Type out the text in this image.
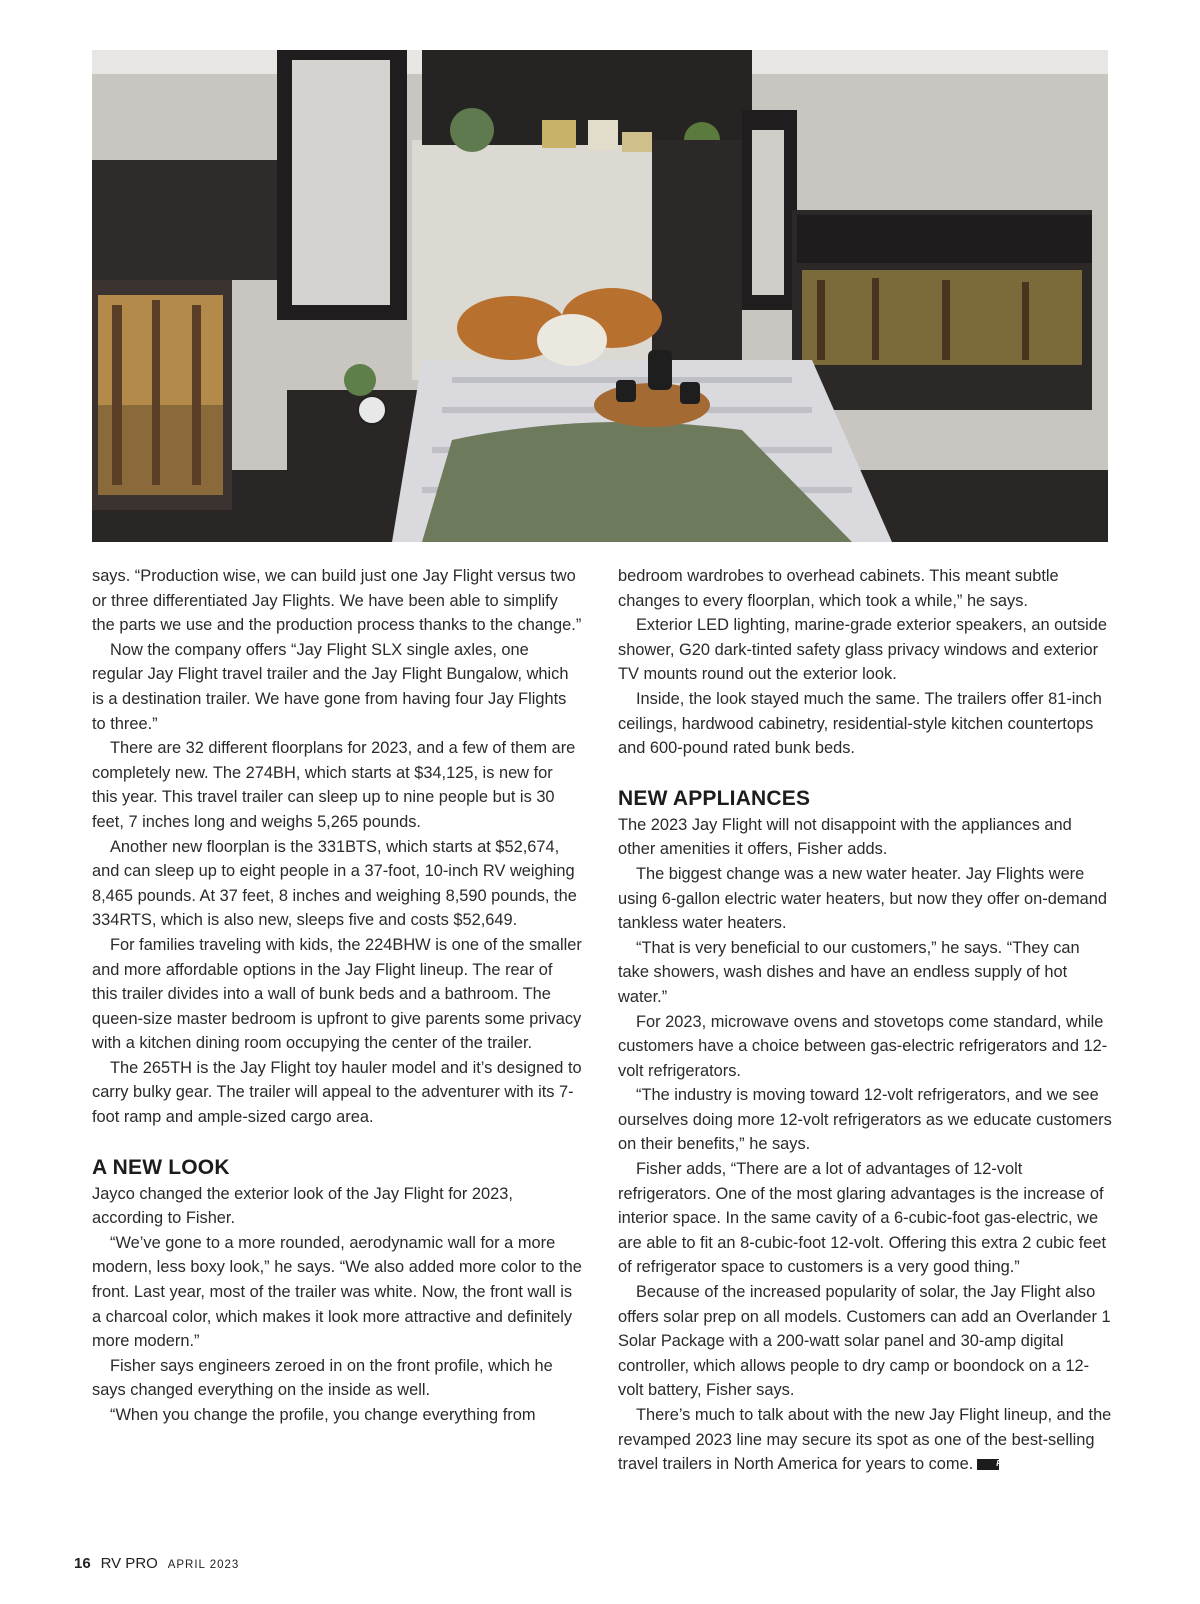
says. “Production wise, we can build just one Jay Flight versus two or three differentiated Jay Flights. We have been able to simplify the parts we use and the production process thanks to the change.”

Now the company offers “Jay Flight SLX single axles, one regular Jay Flight travel trailer and the Jay Flight Bungalow, which is a destination trailer. We have gone from having four Jay Flights to three.”

There are 32 different floorplans for 2023, and a few of them are completely new. The 274BH, which starts at $34,125, is new for this year. This travel trailer can sleep up to nine people but is 30 feet, 7 inches long and weighs 5,265 pounds.

Another new floorplan is the 331BTS, which starts at $52,674, and can sleep up to eight people in a 37-foot, 10-inch RV weighing 8,465 pounds. At 37 feet, 8 inches and weighing 8,590 pounds, the 334RTS, which is also new, sleeps five and costs $52,649.

For families traveling with kids, the 224BHW is one of the smaller and more affordable options in the Jay Flight lineup. The rear of this trailer divides into a wall of bunk beds and a bathroom. The queen-size master bedroom is upfront to give parents some privacy with a kitchen dining room occupying the center of the trailer.

The 265TH is the Jay Flight toy hauler model and it’s designed to carry bulky gear. The trailer will appeal to the adventurer with its 7-foot ramp and ample-sized cargo area.

A NEW LOOK

Jayco changed the exterior look of the Jay Flight for 2023, according to Fisher.

“We’ve gone to a more rounded, aerodynamic wall for a more modern, less boxy look,” he says. “We also added more color to the front. Last year, most of the trailer was white. Now, the front wall is a charcoal color, which makes it look more attractive and definitely more modern.”

Fisher says engineers zeroed in on the front profile, which he says changed everything on the inside as well.

“When you change the profile, you change everything from

bedroom wardrobes to overhead cabinets. This meant subtle changes to every floorplan, which took a while,” he says.

Exterior LED lighting, marine-grade exterior speakers, an outside shower, G20 dark-tinted safety glass privacy windows and exterior TV mounts round out the exterior look.

Inside, the look stayed much the same. The trailers offer 81-inch ceilings, hardwood cabinetry, residential-style kitchen countertops and 600-pound rated bunk beds.

NEW APPLIANCES

The 2023 Jay Flight will not disappoint with the appliances and other amenities it offers, Fisher adds.

The biggest change was a new water heater. Jay Flights were using 6-gallon electric water heaters, but now they offer on-demand tankless water heaters.

“That is very beneficial to our customers,” he says. “They can take showers, wash dishes and have an endless supply of hot water.”

For 2023, microwave ovens and stovetops come standard, while customers have a choice between gas-electric refrigerators and 12-volt refrigerators.

“The industry is moving toward 12-volt refrigerators, and we see ourselves doing more 12-volt refrigerators as we educate customers on their benefits,” he says.

Fisher adds, “There are a lot of advantages of 12-volt refrigerators. One of the most glaring advantages is the increase of interior space. In the same cavity of a 6-cubic-foot gas-electric, we are able to fit an 8-cubic-foot 12-volt. Offering this extra 2 cubic feet of refrigerator space to customers is a very good thing.”

Because of the increased popularity of solar, the Jay Flight also offers solar prep on all models. Customers can add an Overlander 1 Solar Package with a 200-watt solar panel and 30-amp digital controller, which allows people to dry camp or boondock on a 12-volt battery, Fisher says.

There’s much to talk about with the new Jay Flight lineup, and the revamped 2023 line may secure its spot as one of the best-selling travel trailers in North America for years to come.RVP

16 RV PRO APRIL 2023
